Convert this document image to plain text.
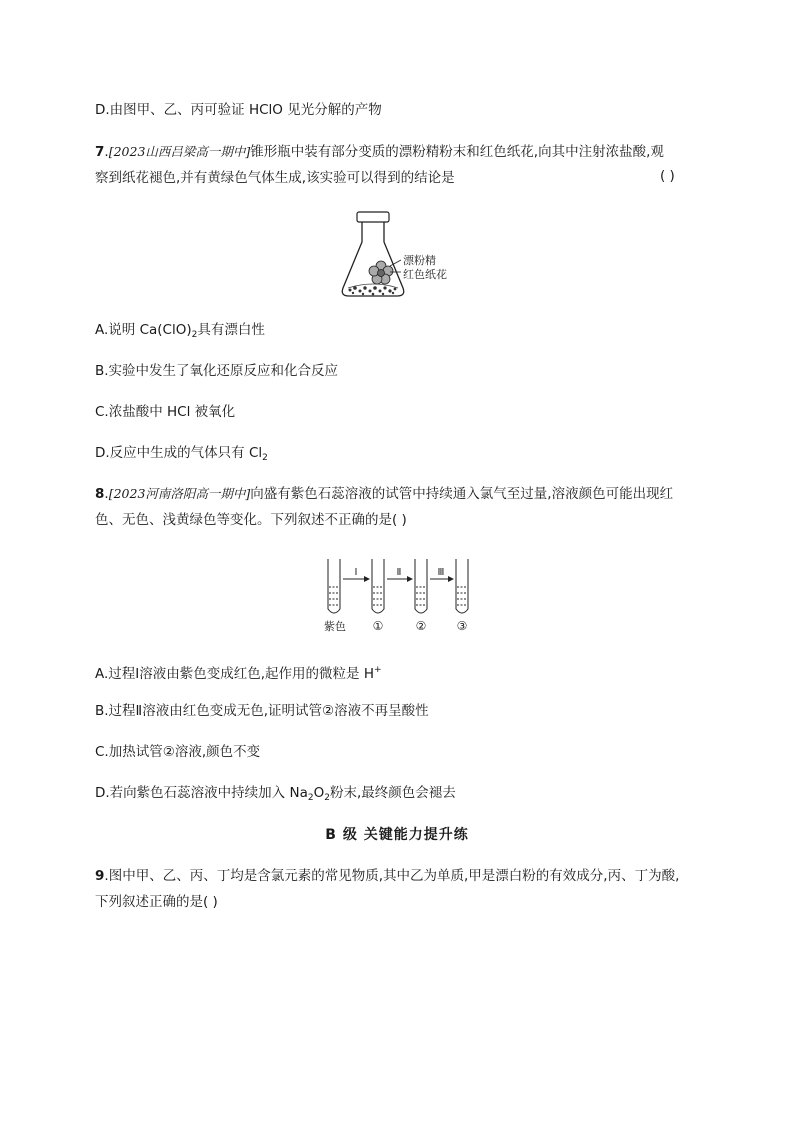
D.由图甲、乙、丙可验证 HClO 见光分解的产物
7.[2023山西吕梁高一期中]锥形瓶中装有部分变质的漂粉精粉末和红色纸花,向其中注射浓盐酸,观
察到纸花褪色,并有黄绿色气体生成,该实验可以得到的结论是	( )
漂粉精
红色纸花
A.说明 $Ca(ClO)_2$具有漂白性
B.实验中发生了氧化还原反应和化合反应
C.浓盐酸中 HCl 被氧化
D.反应中生成的气体只有 $Cl_2$
8.[2023河南洛阳高一期中]向盛有紫色石蕊溶液的试管中持续通入氯气至过量,溶液颜色可能出现红
色、无色、浅黄绿色等变化。下列叙述不正确的是( )
Ⅰ	Ⅱ	Ⅲ
紫色 ①	②	③
A.过程Ⅰ溶液由紫色变成红色,起作用的微粒是 H+
B.过程Ⅱ溶液由红色变成无色,证明试管②溶液不再呈酸性
C.加热试管②溶液,颜色不变
D.若向紫色石蕊溶液中持续加入 $Na_2O_2$粉末,最终颜色会褪去
B 级 关键能力提升练
9.图中甲、乙、丙、丁均是含氯元素的常见物质,其中乙为单质,甲是漂白粉的有效成分,丙、丁为酸,
下列叙述正确的是( )
